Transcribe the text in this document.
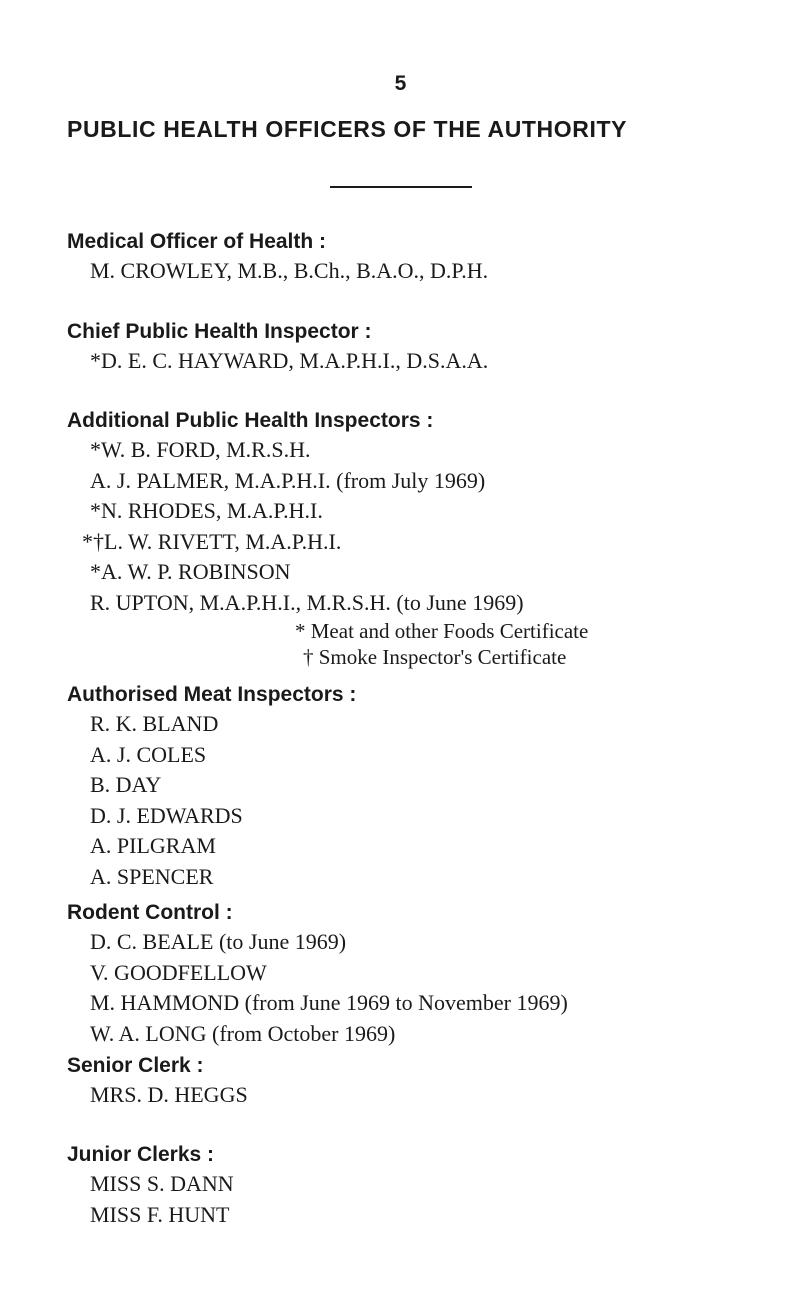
5
PUBLIC HEALTH OFFICERS OF THE AUTHORITY
Medical Officer of Health :
M. CROWLEY, M.B., B.Ch., B.A.O., D.P.H.
Chief Public Health Inspector :
*D. E. C. HAYWARD, M.A.P.H.I., D.S.A.A.
Additional Public Health Inspectors :
*W. B. FORD, M.R.S.H.
A. J. PALMER, M.A.P.H.I. (from July 1969)
*N. RHODES, M.A.P.H.I.
*†L. W. RIVETT, M.A.P.H.I.
*A. W. P. ROBINSON
R. UPTON, M.A.P.H.I., M.R.S.H. (to June 1969)
* Meat and other Foods Certificate
† Smoke Inspector's Certificate
Authorised Meat Inspectors :
R. K. BLAND
A. J. COLES
B. DAY
D. J. EDWARDS
A. PILGRAM
A. SPENCER
Rodent Control :
D. C. BEALE (to June 1969)
V. GOODFELLOW
M. HAMMOND (from June 1969 to November 1969)
W. A. LONG (from October 1969)
Senior Clerk :
MRS. D. HEGGS
Junior Clerks :
MISS S. DANN
MISS F. HUNT
